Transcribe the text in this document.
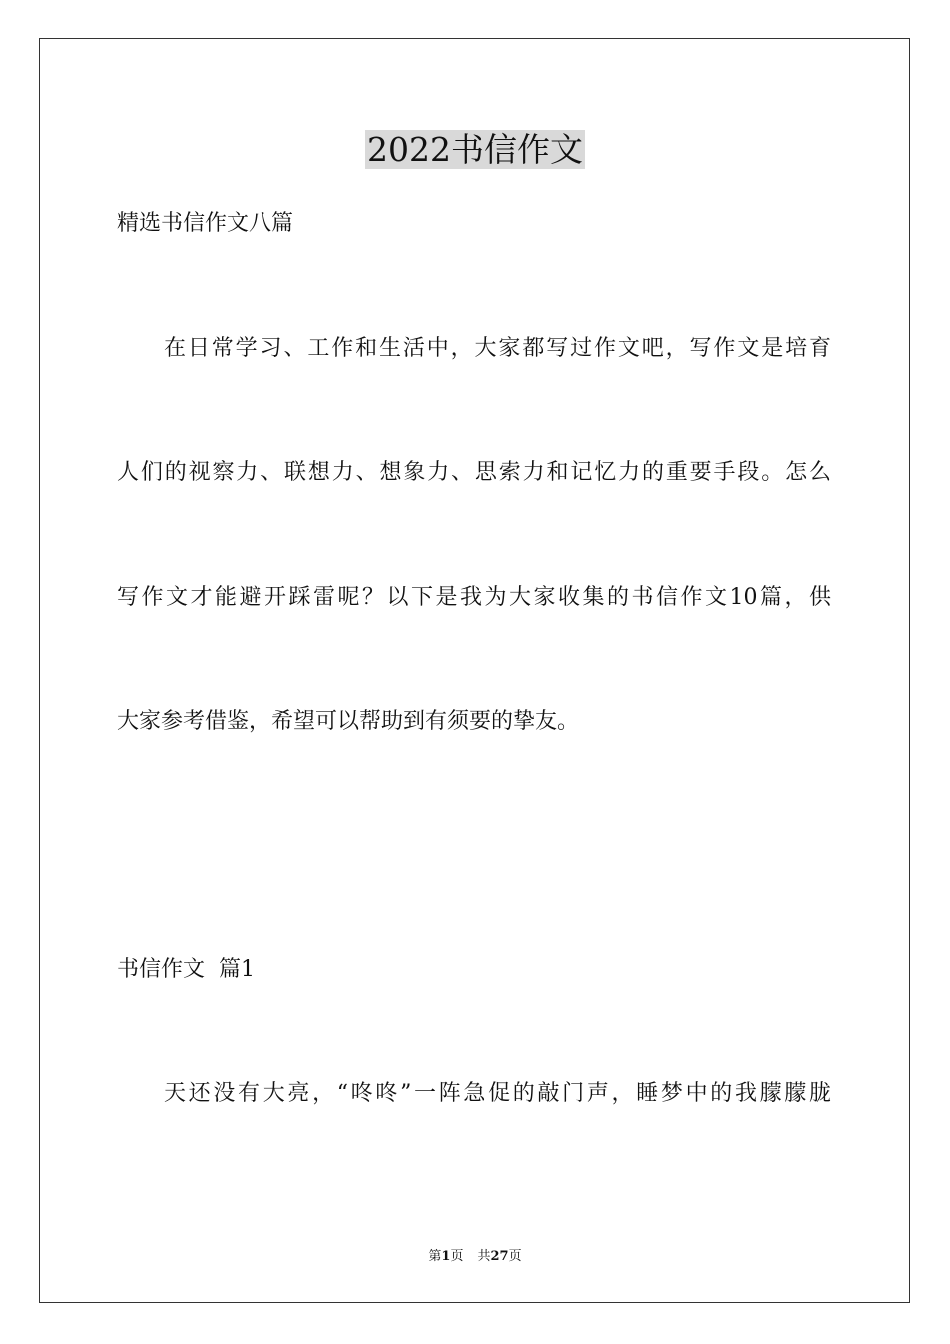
2022书信作文

精选书信作文八篇

在日常学习、工作和生活中，大家都写过作文吧，写作文是培育

人们的视察力、联想力、想象力、思索力和记忆力的重要手段。怎么

写作文才能避开踩雷呢？以下是我为大家收集的书信作文10篇，供

大家参考借鉴，希望可以帮助到有须要的挚友。

书信作文  篇1

天还没有大亮，“咚咚”一阵急促的敲门声，睡梦中的我朦朦胧

第1页 共27页
